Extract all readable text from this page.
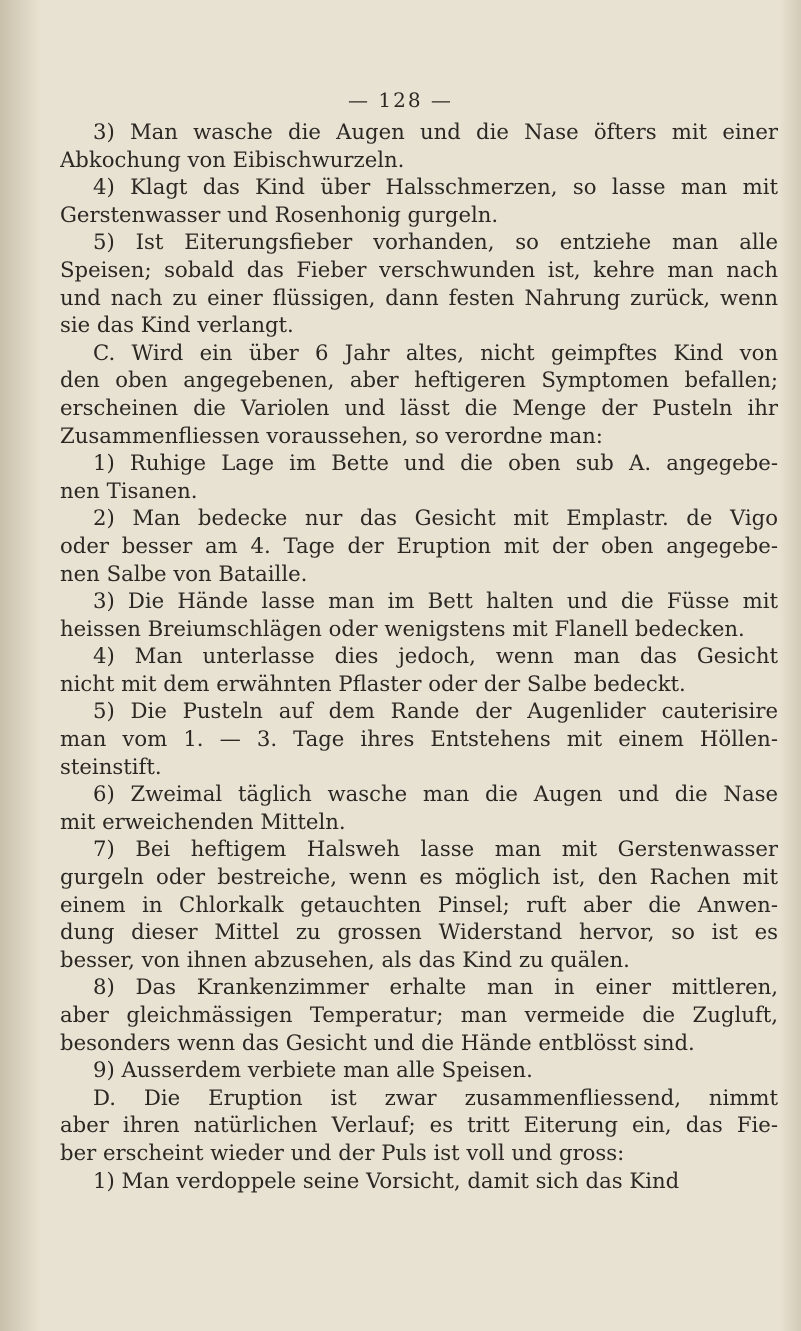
— 128 —
3) Man wasche die Augen und die Nase öfters mit einer
Abkochung von Eibischwurzeln.
4) Klagt das Kind über Halsschmerzen, so lasse man mit
Gerstenwasser und Rosenhonig gurgeln.
5) Ist Eiterungsfieber vorhanden, so entziehe man alle
Speisen; sobald das Fieber verschwunden ist, kehre man nach
und nach zu einer flüssigen, dann festen Nahrung zurück, wenn
sie das Kind verlangt.
C. Wird ein über 6 Jahr altes, nicht geimpftes Kind von
den oben angegebenen, aber heftigeren Symptomen befallen;
erscheinen die Variolen und lässt die Menge der Pusteln ihr
Zusammenfliessen voraussehen, so verordne man:
1) Ruhige Lage im Bette und die oben sub A. angegebe-
nen Tisanen.
2) Man bedecke nur das Gesicht mit Emplastr. de Vigo
oder besser am 4. Tage der Eruption mit der oben angegebe-
nen Salbe von Bataille.
3) Die Hände lasse man im Bett halten und die Füsse mit
heissen Breiumschlägen oder wenigstens mit Flanell bedecken.
4) Man unterlasse dies jedoch, wenn man das Gesicht
nicht mit dem erwähnten Pflaster oder der Salbe bedeckt.
5) Die Pusteln auf dem Rande der Augenlider cauterisire
man vom 1. — 3. Tage ihres Entstehens mit einem Höllen-
steinstift.
6) Zweimal täglich wasche man die Augen und die Nase
mit erweichenden Mitteln.
7) Bei heftigem Halsweh lasse man mit Gerstenwasser
gurgeln oder bestreiche, wenn es möglich ist, den Rachen mit
einem in Chlorkalk getauchten Pinsel; ruft aber die Anwen-
dung dieser Mittel zu grossen Widerstand hervor, so ist es
besser, von ihnen abzusehen, als das Kind zu quälen.
8) Das Krankenzimmer erhalte man in einer mittleren,
aber gleichmässigen Temperatur; man vermeide die Zugluft,
besonders wenn das Gesicht und die Hände entblösst sind.
9) Ausserdem verbiete man alle Speisen.
D. Die Eruption ist zwar zusammenfliessend, nimmt
aber ihren natürlichen Verlauf; es tritt Eiterung ein, das Fie-
ber erscheint wieder und der Puls ist voll und gross:
1) Man verdoppele seine Vorsicht, damit sich das Kind
